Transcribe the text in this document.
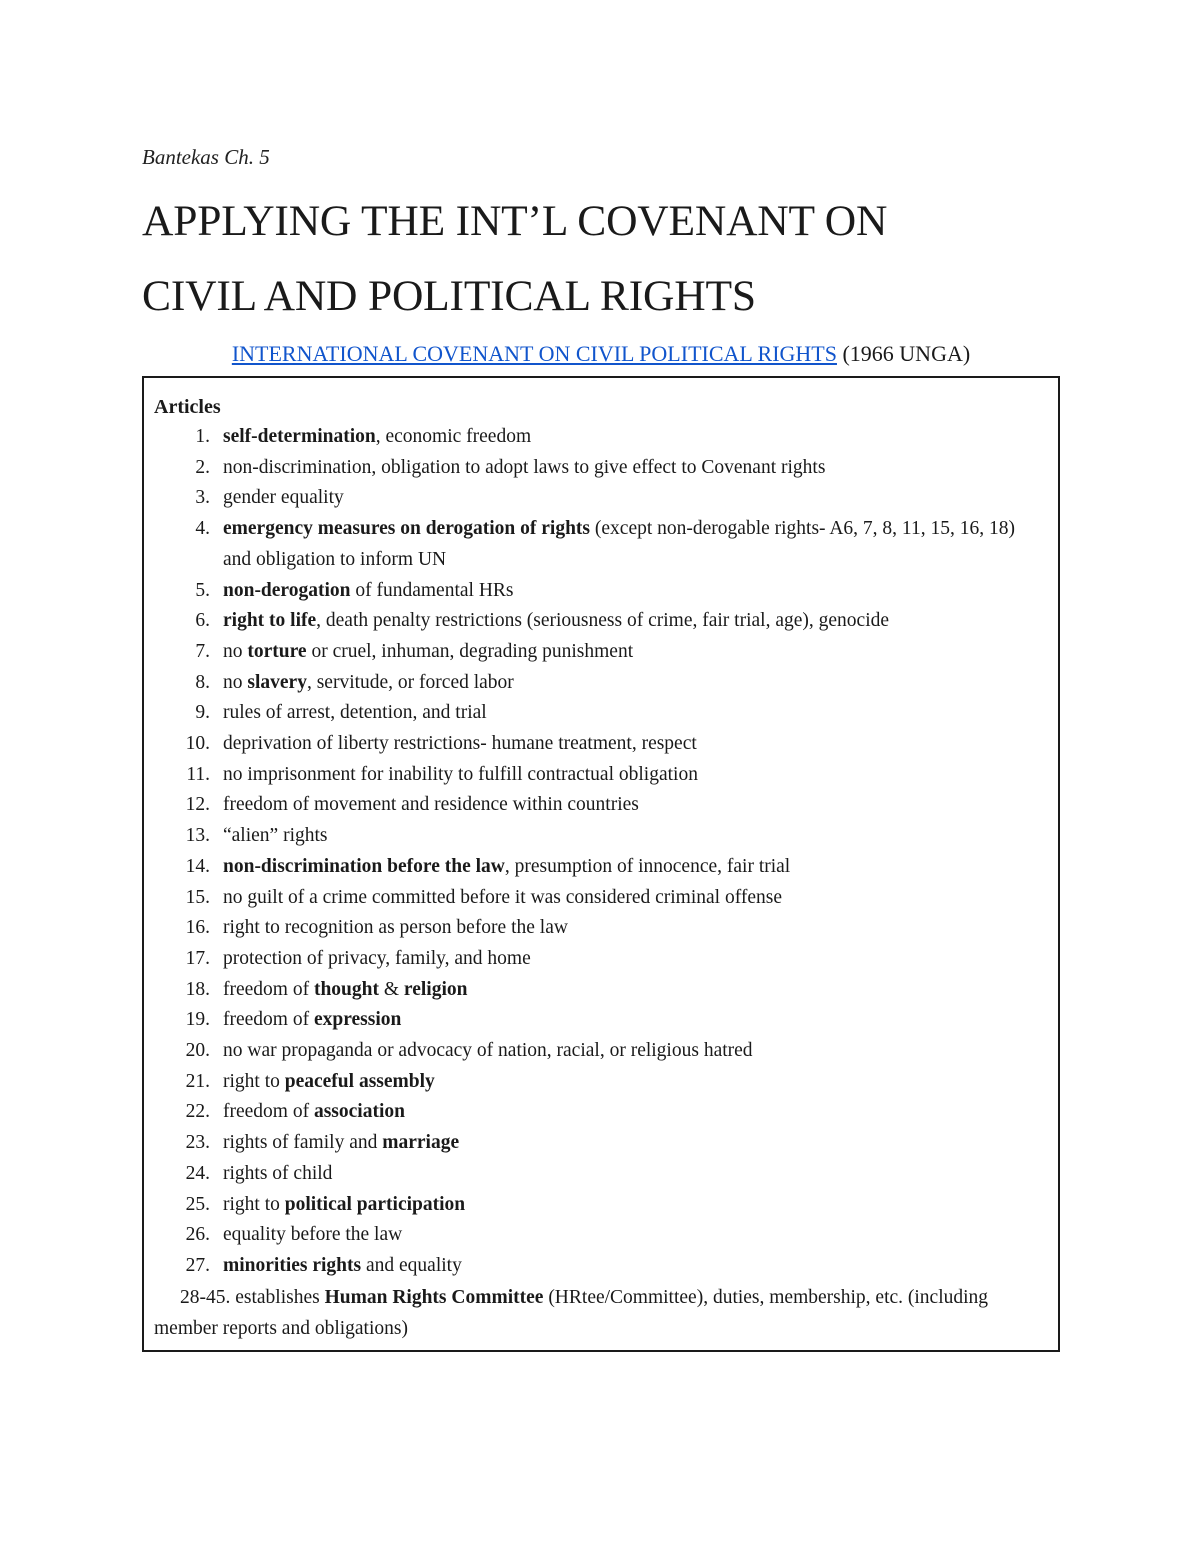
Bantekas Ch. 5
APPLYING THE INT’L COVENANT ON
CIVIL AND POLITICAL RIGHTS
INTERNATIONAL COVENANT ON CIVIL POLITICAL RIGHTS (1966 UNGA)
Articles
1. self-determination, economic freedom
2. non-discrimination, obligation to adopt laws to give effect to Covenant rights
3. gender equality
4. emergency measures on derogation of rights (except non-derogable rights- A6, 7, 8, 11, 15, 16, 18) and obligation to inform UN
5. non-derogation of fundamental HRs
6. right to life, death penalty restrictions (seriousness of crime, fair trial, age), genocide
7. no torture or cruel, inhuman, degrading punishment
8. no slavery, servitude, or forced labor
9. rules of arrest, detention, and trial
10. deprivation of liberty restrictions- humane treatment, respect
11. no imprisonment for inability to fulfill contractual obligation
12. freedom of movement and residence within countries
13. “alien” rights
14. non-discrimination before the law, presumption of innocence, fair trial
15. no guilt of a crime committed before it was considered criminal offense
16. right to recognition as person before the law
17. protection of privacy, family, and home
18. freedom of thought & religion
19. freedom of expression
20. no war propaganda or advocacy of nation, racial, or religious hatred
21. right to peaceful assembly
22. freedom of association
23. rights of family and marriage
24. rights of child
25. right to political participation
26. equality before the law
27. minorities rights and equality
28-45. establishes Human Rights Committee (HRtee/Committee), duties, membership, etc. (including member reports and obligations)
